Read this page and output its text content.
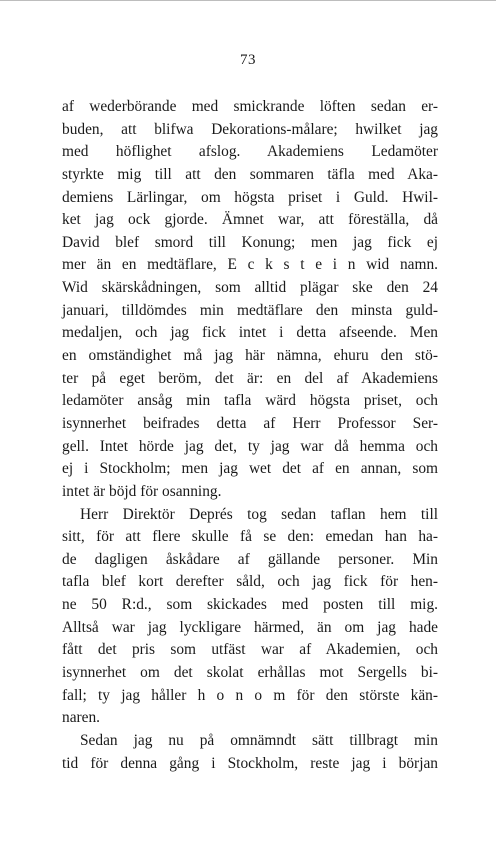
73
af wederbörande med smickrande löften sedan er-
buden, att blifwa Dekorations-målare; hwilket jag
med höflighet afslog. Akademiens Ledamöter
styrkte mig till att den sommaren täfla med Aka-
demiens Lärlingar, om högsta priset i Guld. Hwil-
ket jag ock gjorde. Ämnet war, att föreställa, då
David blef smord till Konung; men jag fick ej
mer än en medtäflare, E c k s t e i n wid namn.
Wid skärskådningen, som alltid plägar ske den 24
januari, tilldömdes min medtäflare den minsta guld-
medaljen, och jag fick intet i detta afseende. Men
en omständighet må jag här nämna, ehuru den stö-
ter på eget beröm, det är: en del af Akademiens
ledamöter ansåg min tafla wärd högsta priset, och
isynnerhet beifrades detta af Herr Professor Ser-
gell. Intet hörde jag det, ty jag war då hemma och
ej i Stockholm; men jag wet det af en annan, som
intet är böjd för osanning.
Herr Direktör Deprés tog sedan taflan hem till
sitt, för att flere skulle få se den: emedan han ha-
de dagligen åskådare af gällande personer. Min
tafla blef kort derefter såld, och jag fick för hen-
ne 50 R:d., som skickades med posten till mig.
Alltså war jag lyckligare härmed, än om jag hade
fått det pris som utfäst war af Akademien, och
isynnerhet om det skolat erhållas mot Sergells bi-
fall; ty jag håller h o n o m för den störste kän-
naren.
Sedan jag nu på omnämndt sätt tillbragt min
tid för denna gång i Stockholm, reste jag i början
